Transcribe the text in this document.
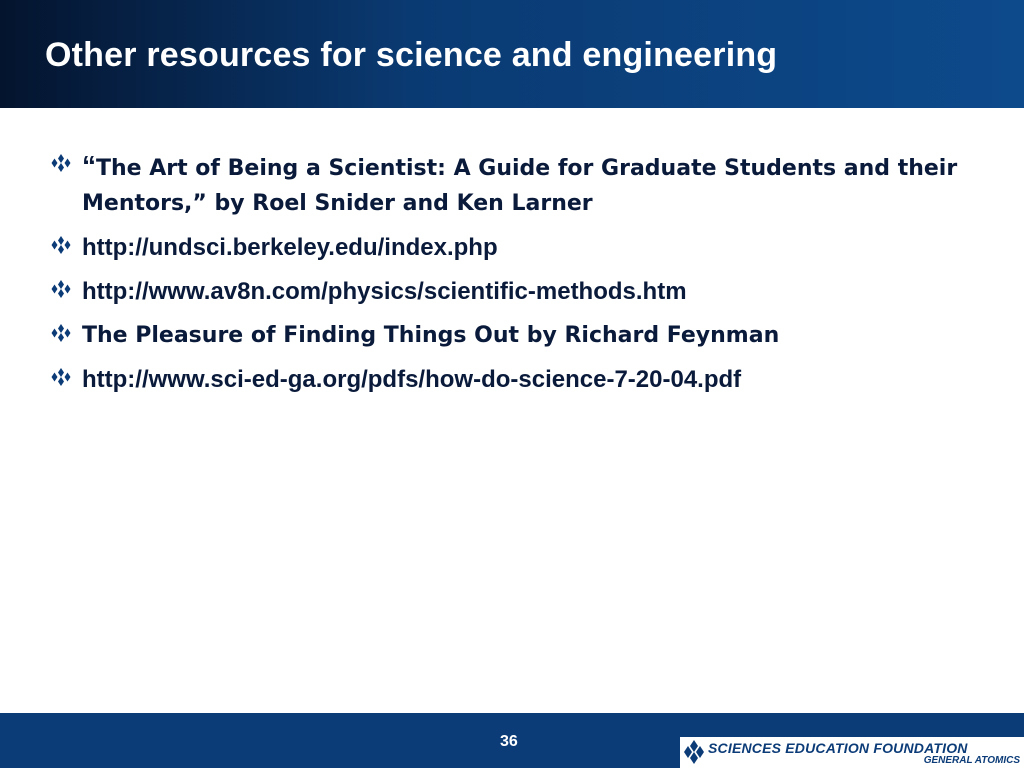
Other resources for science and engineering
“The Art of Being a Scientist: A Guide for Graduate Students and their Mentors,” by Roel Snider and Ken Larner
http://undsci.berkeley.edu/index.php
http://www.av8n.com/physics/scientific-methods.htm
The Pleasure of Finding Things Out by Richard Feynman
http://www.sci-ed-ga.org/pdfs/how-do-science-7-20-04.pdf
36	SCIENCES EDUCATION FOUNDATION
GENERAL ATOMICS
